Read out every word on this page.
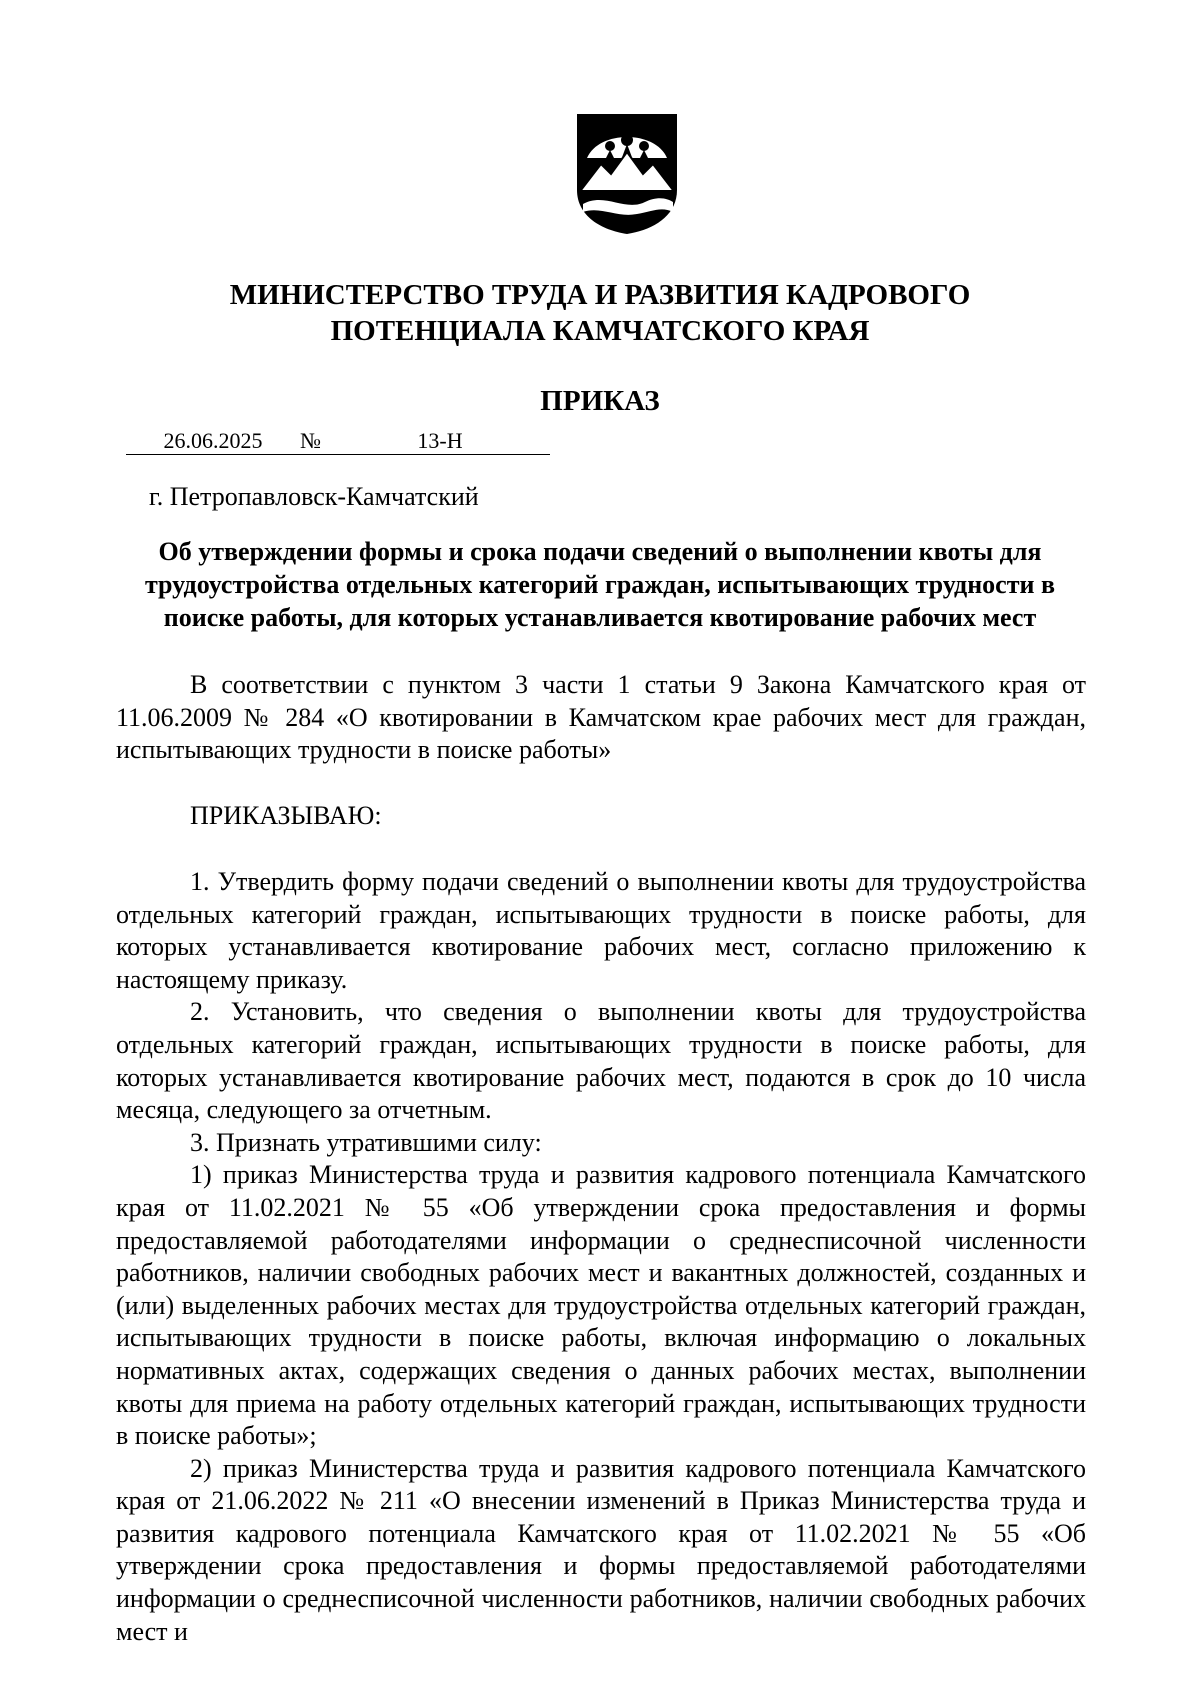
МИНИСТЕРСТВО ТРУДА И РАЗВИТИЯ КАДРОВОГО
ПОТЕНЦИАЛА КАМЧАТСКОГО КРАЯ
ПРИКАЗ
26.06.2025 №	13-Н
г. Петропавловск-Камчатский
Об утверждении формы и срока подачи сведений о выполнении квоты для
трудоустройства отдельных категорий граждан, испытывающих трудности в
поиске работы, для которых устанавливается квотирование рабочих мест

В соответствии с пунктом 3 части 1 статьи 9 Закона Камчатского края от 11.06.2009 № 284 «О квотировании в Камчатском крае рабочих мест для граждан, испытывающих трудности в поиске работы»

ПРИКАЗЫВАЮ:

1. Утвердить форму подачи сведений о выполнении квоты для трудоустройства отдельных категорий граждан, испытывающих трудности в поиске работы, для которых устанавливается квотирование рабочих мест, согласно приложению к настоящему приказу.

2. Установить, что сведения о выполнении квоты для трудоустройства отдельных категорий граждан, испытывающих трудности в поиске работы, для которых устанавливается квотирование рабочих мест, подаются в срок до 10 числа месяца, следующего за отчетным.

3. Признать утратившими силу:

1) приказ Министерства труда и развития кадрового потенциала Камчатского края от 11.02.2021 № 55 «Об утверждении срока предоставления и формы предоставляемой работодателями информации о среднесписочной численности работников, наличии свободных рабочих мест и вакантных должностей, созданных и (или) выделенных рабочих местах для трудоустройства отдельных категорий граждан, испытывающих трудности в поиске работы, включая информацию о локальных нормативных актах, содержащих сведения о данных рабочих местах, выполнении квоты для приема на работу отдельных категорий граждан, испытывающих трудности в поиске работы»;

2) приказ Министерства труда и развития кадрового потенциала Камчатского края от 21.06.2022 № 211 «О внесении изменений в Приказ Министерства труда и развития кадрового потенциала Камчатского края от 11.02.2021 № 55 «Об утверждении срока предоставления и формы предоставляемой работодателями информации о среднесписочной численности работников, наличии свободных рабочих мест и
